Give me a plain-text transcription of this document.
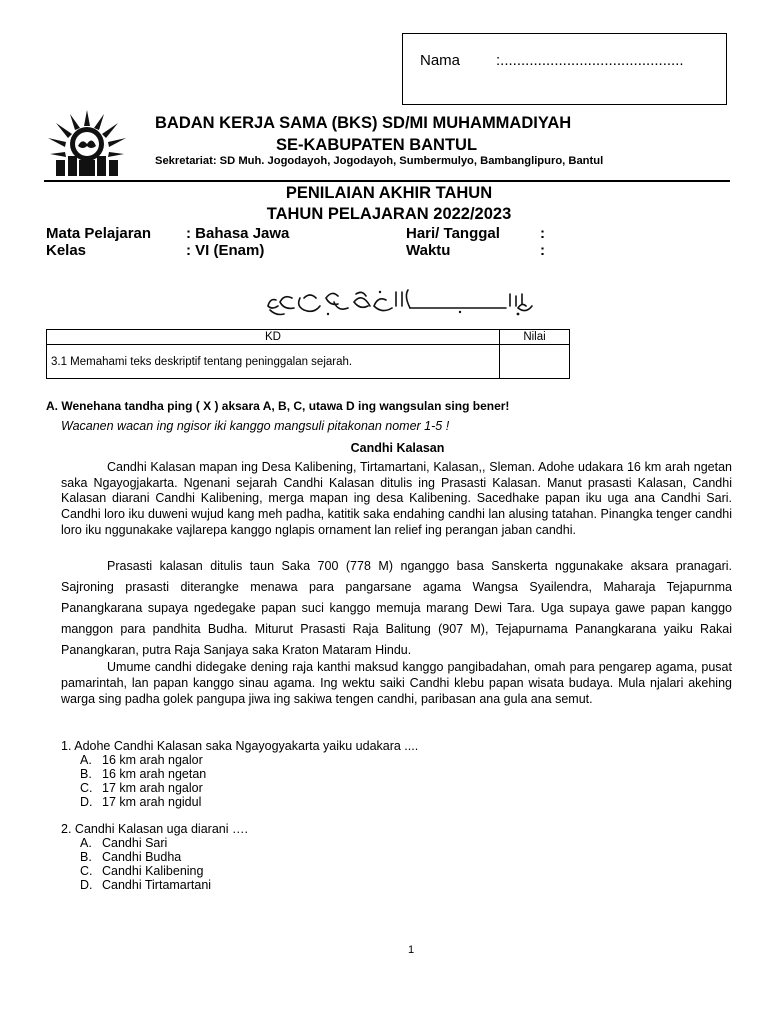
Nama :............................................
BADAN KERJA SAMA (BKS) SD/MI MUHAMMADIYAH
SE-KABUPATEN BANTUL
Sekretariat: SD Muh. Jogodayoh, Jogodayoh, Sumbermulyo, Bambanglipuro, Bantul
PENILAIAN AKHIR TAHUN
TAHUN PELAJARAN 2022/2023
Mata Pelajaran : Bahasa Jawa	Hari/ Tanggal	:
Kelas	: VI (Enam)	Waktu	:
KD	Nilai
3.1 Memahami teks deskriptif tentang peninggalan sejarah.	
A. Wenehana tandha ping ( X ) aksara A, B, C, utawa D ing wangsulan sing bener!
Wacanen wacan ing ngisor iki kanggo mangsuli pitakonan nomer 1-5 !
Candhi Kalasan

Candhi Kalasan mapan ing Desa Kalibening, Tirtamartani, Kalasan,, Sleman. Adohe udakara 16 km arah ngetan saka Ngayogjakarta. Ngenani sejarah Candhi Kalasan ditulis ing Prasasti Kalasan. Manut prasasti Kalasan, Candhi Kalasan diarani Candhi Kalibening, merga mapan ing desa Kalibening. Sacedhake papan iku uga ana Candhi Sari. Candhi loro iku duweni wujud kang meh padha, katitik saka endahing candhi lan alusing tatahan. Pinangka tenger candhi loro iku nggunakake vajlarepa kanggo nglapis ornament lan relief ing perangan jaban candhi.

Prasasti kalasan ditulis taun Saka 700 (778 M) nganggo basa Sanskerta nggunakake aksara pranagari. Sajroning prasasti diterangke menawa para pangarsane agama Wangsa Syailendra, Maharaja Tejapurnma Panangkarana supaya ngedegake papan suci kanggo memuja marang Dewi Tara. Uga supaya gawe papan kanggo manggon para pandhita Budha. Miturut Prasasti Raja Balitung (907 M), Tejapurnama Panangkarana yaiku Rakai Panangkaran, putra Raja Sanjaya saka Kraton Mataram Hindu.

Umume candhi didegake dening raja kanthi maksud kanggo pangibadahan, omah para pengarep agama, pusat pamarintah, lan papan kanggo sinau agama. Ing wektu saiki Candhi klebu papan wisata budaya. Mula njalari akehing warga sing padha golek pangupa jiwa ing sakiwa tengen candhi, paribasan ana gula ana semut.

1. Adohe Candhi Kalasan saka Ngayogyakarta yaiku udakara ....
A. 16 km arah ngalor
B. 16 km arah ngetan
C. 17 km arah ngalor
D. 17 km arah ngidul
2. Candhi Kalasan uga diarani ….
A. Candhi Sari
B. Candhi Budha
C. Candhi Kalibening
D. Candhi Tirtamartani
1
